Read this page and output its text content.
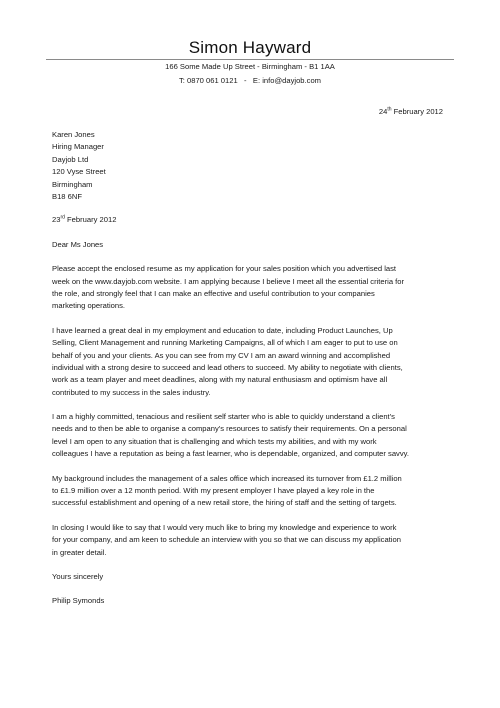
Simon Hayward
166 Some Made Up Street - Birmingham - B1 1AA
T: 0870 061 0121 - E: info@dayjob.com
24th February 2012
Karen Jones
Hiring Manager
Dayjob Ltd
120 Vyse Street
Birmingham
B18 6NF
23rd February 2012
Dear Ms Jones
Please accept the enclosed resume as my application for your sales position which you advertised last
week on the www.dayjob.com website. I am applying because I believe I meet all the essential criteria for
the role, and strongly feel that I can make an effective and useful contribution to your companies
marketing operations.
I have learned a great deal in my employment and education to date, including Product Launches, Up
Selling, Client Management and running Marketing Campaigns, all of which I am eager to put to use on
behalf of you and your clients. As you can see from my CV I am an award winning and accomplished
individual with a strong desire to succeed and lead others to succeed. My ability to negotiate with clients,
work as a team player and meet deadlines, along with my natural enthusiasm and optimism have all
contributed to my success in the sales industry.
I am a highly committed, tenacious and resilient self starter who is able to quickly understand a client's
needs and to then be able to organise a company's resources to satisfy their requirements. On a personal
level I am open to any situation that is challenging and which tests my abilities, and with my work
colleagues I have a reputation as being a fast learner, who is dependable, organized, and computer savvy.
My background includes the management of a sales office which increased its turnover from £1.2 million
to £1.9 million over a 12 month period. With my present employer I have played a key role in the
successful establishment and opening of a new retail store, the hiring of staff and the setting of targets.
In closing I would like to say that I would very much like to bring my knowledge and experience to work
for your company, and am keen to schedule an interview with you so that we can discuss my application
in greater detail.
Yours sincerely
Philip Symonds
